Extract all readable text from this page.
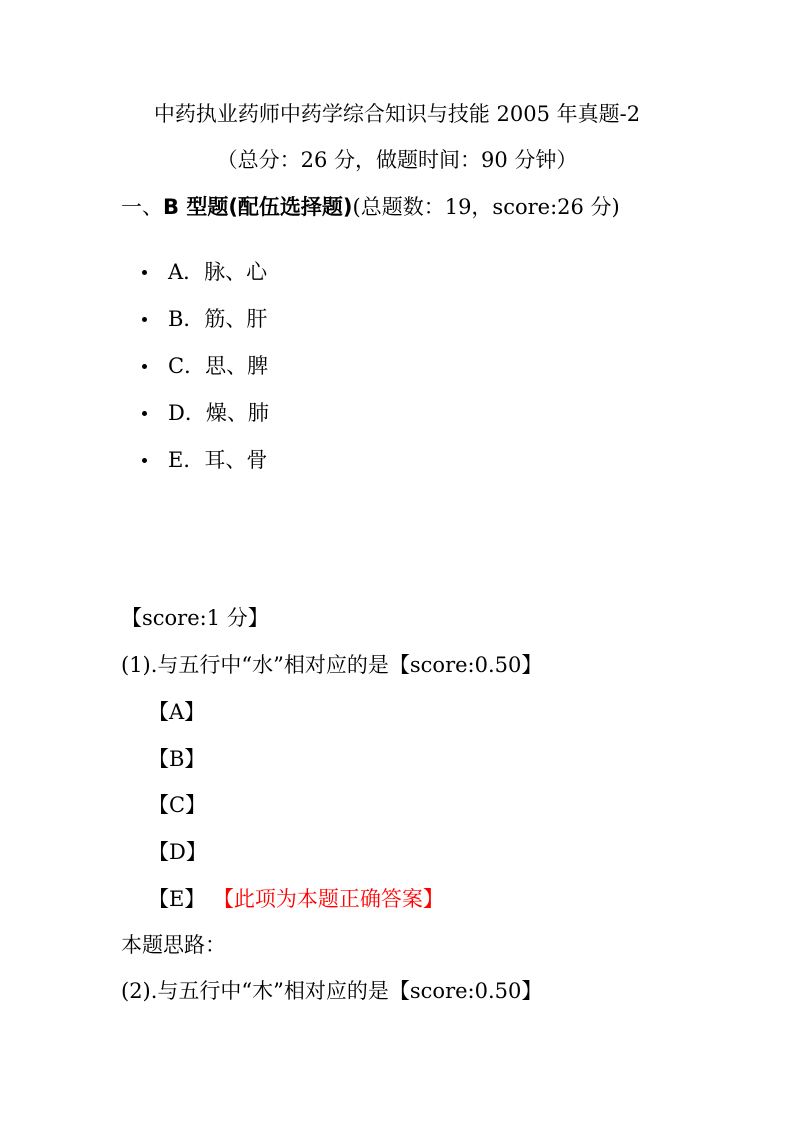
中药执业药师中药学综合知识与技能 2005 年真题-2
（总分：26 分，做题时间：90 分钟）
一、B 型题(配伍选择题)(总题数：19，score:26 分)
A．脉、心
B．筋、肝
C．思、脾
D．燥、肺
E．耳、骨
【score:1 分】
(1).与五行中“水”相对应的是【score:0.50】
【A】
【B】
【C】
【D】
【E】 【此项为本题正确答案】
本题思路：
(2).与五行中“木”相对应的是【score:0.50】
